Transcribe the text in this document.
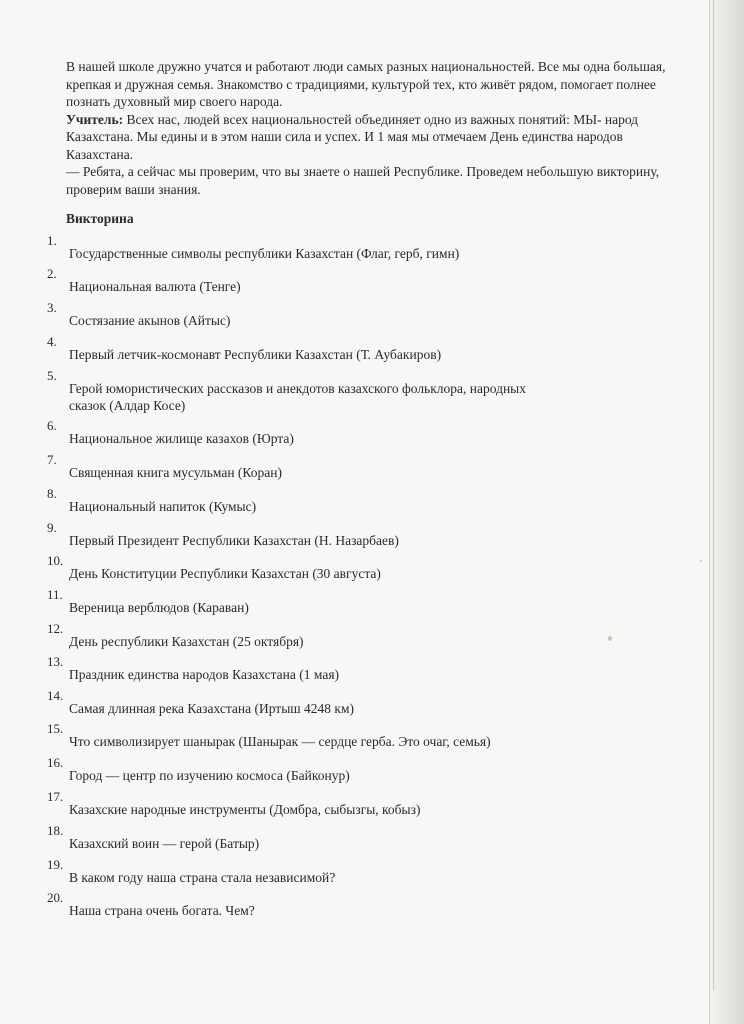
В нашей школе дружно учатся и работают люди самых разных национальностей. Все мы одна большая, крепкая и дружная семья. Знакомство с традициями, культурой тех, кто живёт рядом, помогает полнее познать духовный мир своего народа.

Учитель: Всех нас, людей всех национальностей объединяет одно из важных понятий: МЫ- народ Казахстана. Мы едины и в этом наши сила и успех. И 1 мая мы отмечаем День единства народов Казахстана.

— Ребята, а сейчас мы проверим, что вы знаете о нашей Республике. Проведем небольшую викторину, проверим ваши знания.

Викторина
1.
Государственные символы республики Казахстан (Флаг, герб, гимн)
2.
Национальная валюта (Тенге)
3.
Состязание акынов (Айтыс)
4.
Первый летчик-космонавт Республики Казахстан (Т. Аубакиров)
5.
Герой юмористических рассказов и анекдотов казахского фольклора, народных сказок (Алдар Косе)
6.
Национальное жилище казахов (Юрта)
7.
Священная книга мусульман (Коран)
8.
Национальный напиток (Кумыс)
9.
Первый Президент Республики Казахстан (Н. Назарбаев)
10.
День Конституции Республики Казахстан (30 августа)
11.
Вереница верблюдов (Караван)
12.
День республики Казахстан (25 октября)
13.
Праздник единства народов Казахстана (1 мая)
14.
Самая длинная река Казахстана (Иртыш 4248 км)
15.
Что символизирует шанырак (Шанырак — сердце герба. Это очаг, семья)
16.
Город — центр по изучению космоса (Байконур)
17.
Казахские народные инструменты (Домбра, сыбызгы, кобыз)
18.
Казахский воин — герой (Батыр)
19.
В каком году наша страна стала независимой?
20.
Наша страна очень богата. Чем?
